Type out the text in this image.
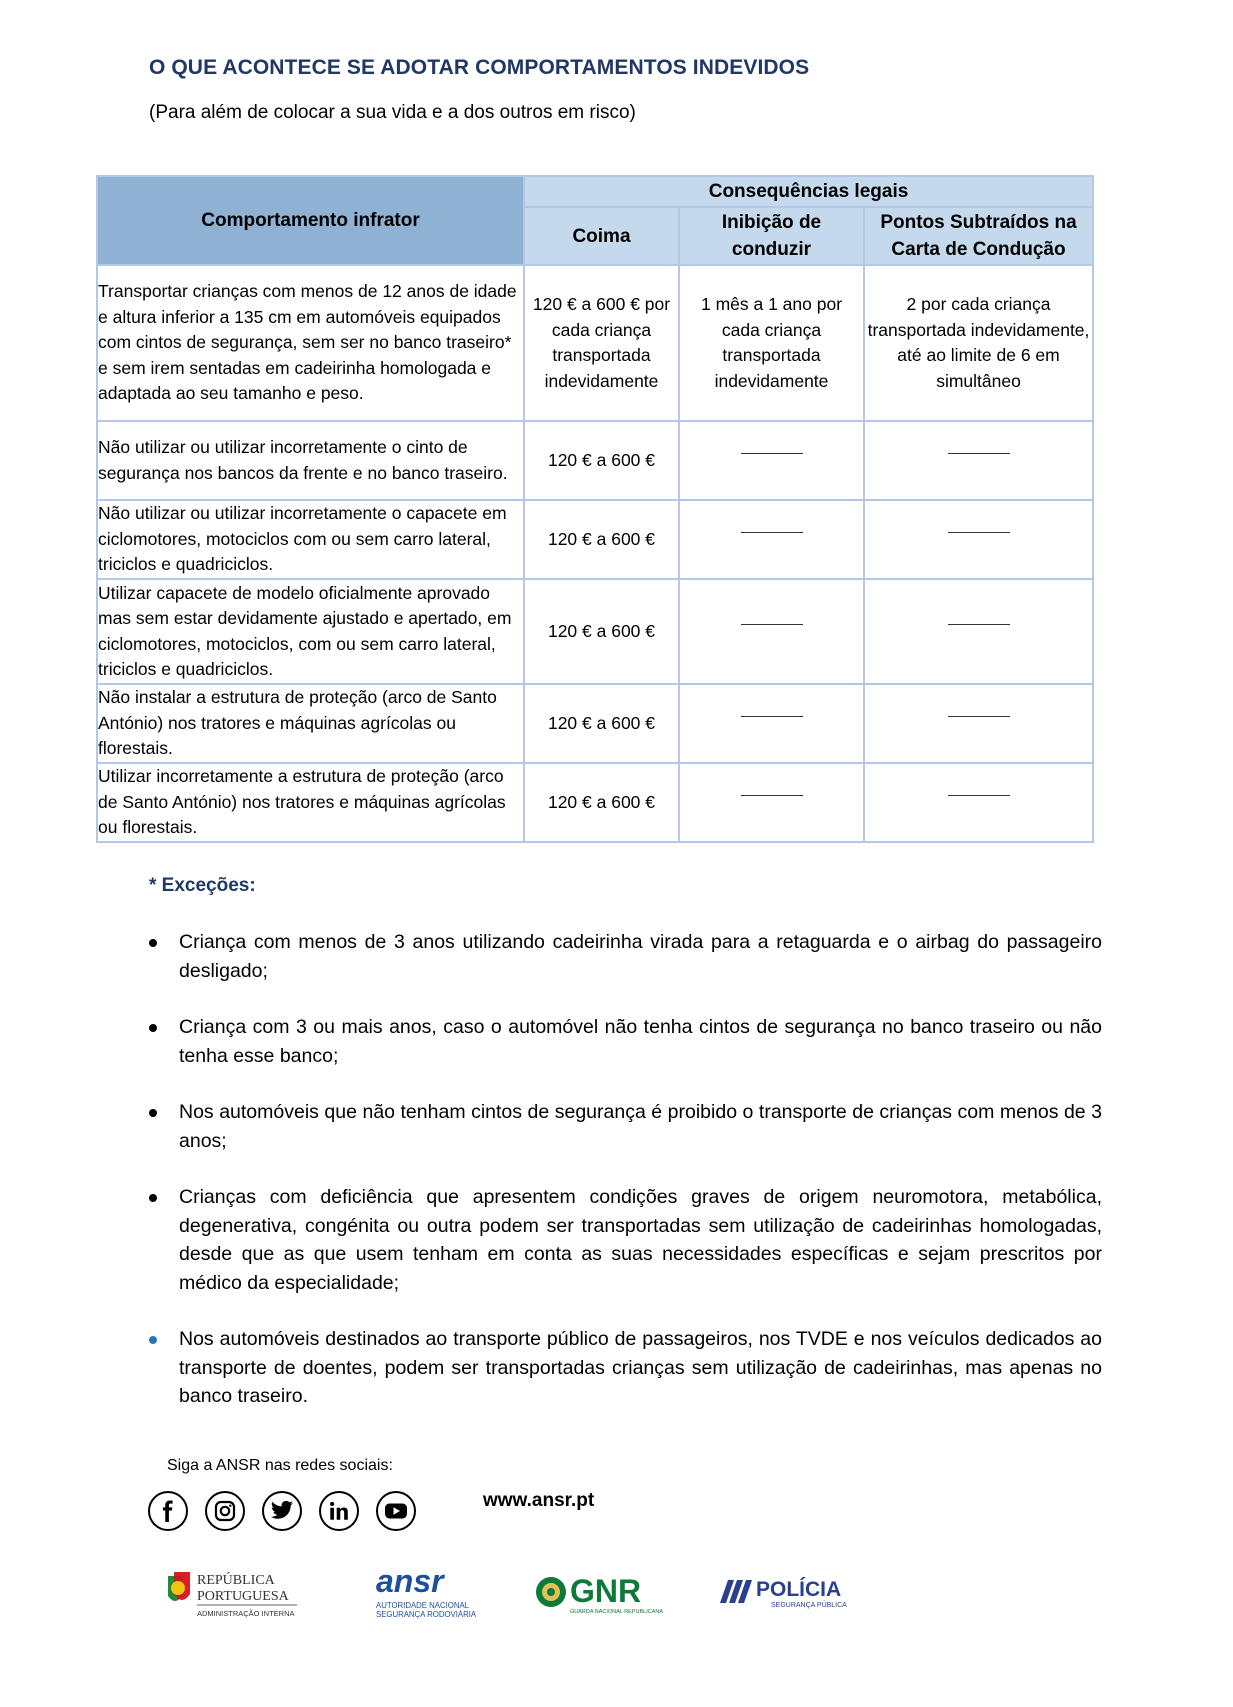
O QUE ACONTECE SE ADOTAR COMPORTAMENTOS INDEVIDOS
(Para além de colocar a sua vida e a dos outros em risco)
Comportamento infrator	Consequências legais		
	Coima	Inibição de conduzir	Pontos Subtraídos na Carta de Condução
Transportar crianças com menos de 12 anos de idade e altura inferior a 135 cm em automóveis equipados com cintos de segurança, sem ser no banco traseiro* e sem irem sentadas em cadeirinha homologada e adaptada ao seu tamanho e peso.	120 € a 600 € por cada criança transportada indevidamente	1 mês a 1 ano por cada criança transportada indevidamente	2 por cada criança transportada indevidamente, até ao limite de 6 em simultâneo
Não utilizar ou utilizar incorretamente o cinto de segurança nos bancos da frente e no banco traseiro.	120 € a 600 €		
Não utilizar ou utilizar incorretamente o capacete em ciclomotores, motociclos com ou sem carro lateral, triciclos e quadriciclos.	120 € a 600 €		
Utilizar capacete de modelo oficialmente aprovado mas sem estar devidamente ajustado e apertado, em ciclomotores, motociclos, com ou sem carro lateral, triciclos e quadriciclos.	120 € a 600 €		
Não instalar a estrutura de proteção (arco de Santo António) nos tratores e máquinas agrícolas ou florestais.	120 € a 600 €		
Utilizar incorretamente a estrutura de proteção (arco de Santo António) nos tratores e máquinas agrícolas ou florestais.	120 € a 600 €		
* Exceções:
Criança com menos de 3 anos utilizando cadeirinha virada para a retaguarda e o airbag do passageiro desligado;
Criança com 3 ou mais anos, caso o automóvel não tenha cintos de segurança no banco traseiro ou não tenha esse banco;
Nos automóveis que não tenham cintos de segurança é proibido o transporte de crianças com menos de 3 anos;
Crianças com deficiência que apresentem condições graves de origem neuromotora, metabólica, degenerativa, congénita ou outra podem ser transportadas sem utilização de cadeirinhas homologadas, desde que as que usem tenham em conta as suas necessidades específicas e sejam prescritos por médico da especialidade;
Nos automóveis destinados ao transporte público de passageiros, nos TVDE e nos veículos dedicados ao transporte de doentes, podem ser transportadas crianças sem utilização de cadeirinhas, mas apenas no banco traseiro.
Siga a ANSR nas redes sociais:
www.ansr.pt
REPÚBLICA
PORTUGUESA
ADMINISTRAÇÃO INTERNA
ansr
AUTORIDADE NACIONAL
SEGURANÇA RODOVIÁRIA
GNR
GUARDA NACIONAL REPUBLICANA
POLÍCIA
SEGURANÇA PÚBLICA
